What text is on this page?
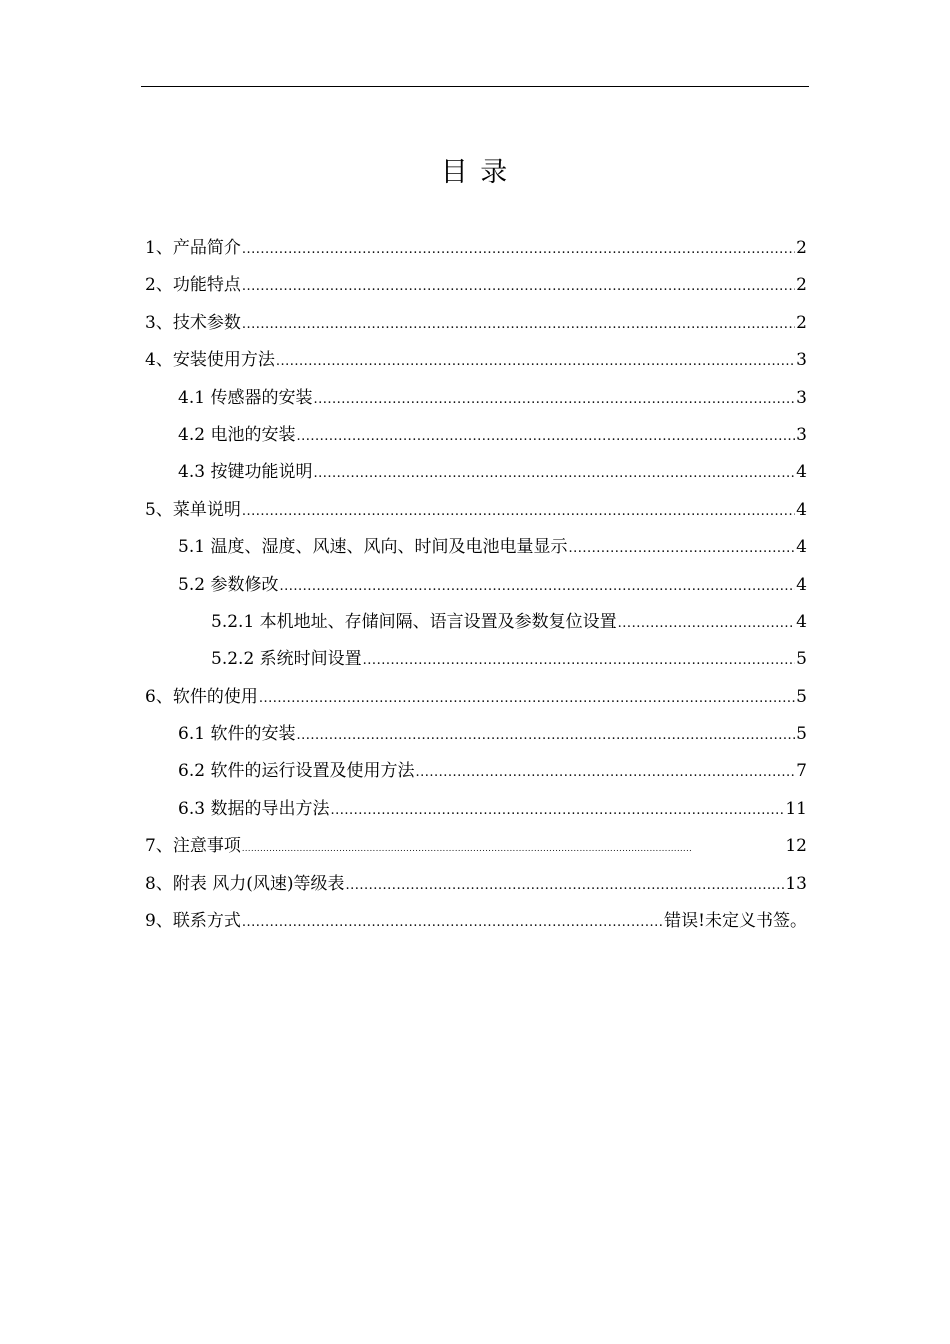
目 录
1、产品简介 .....	2
2、功能特点 .....	2
3、技术参数 .....	2
4、安装使用方法 .....	3
4.1 传感器的安装 .....	3
4.2 电池的安装 .....	3
4.3 按键功能说明 .....	4
5、菜单说明 .....	4
5.1 温度、湿度、风速、风向、时间及电池电量显示 .....	4
5.2 参数修改 .....	4
5.2.1 本机地址、存储间隔、语言设置及参数复位设置 .....	4
5.2.2 系统时间设置 .....	5
6、软件的使用 .....	5
6.1 软件的安装 .....	5
6.2 软件的运行设置及使用方法 .....	7
6.3 数据的导出方法 .....	11
7、注意事项 .....	12
8、附表 风力(风速)等级表 .....	13
9、联系方式 .....	错误!未定义书签。
